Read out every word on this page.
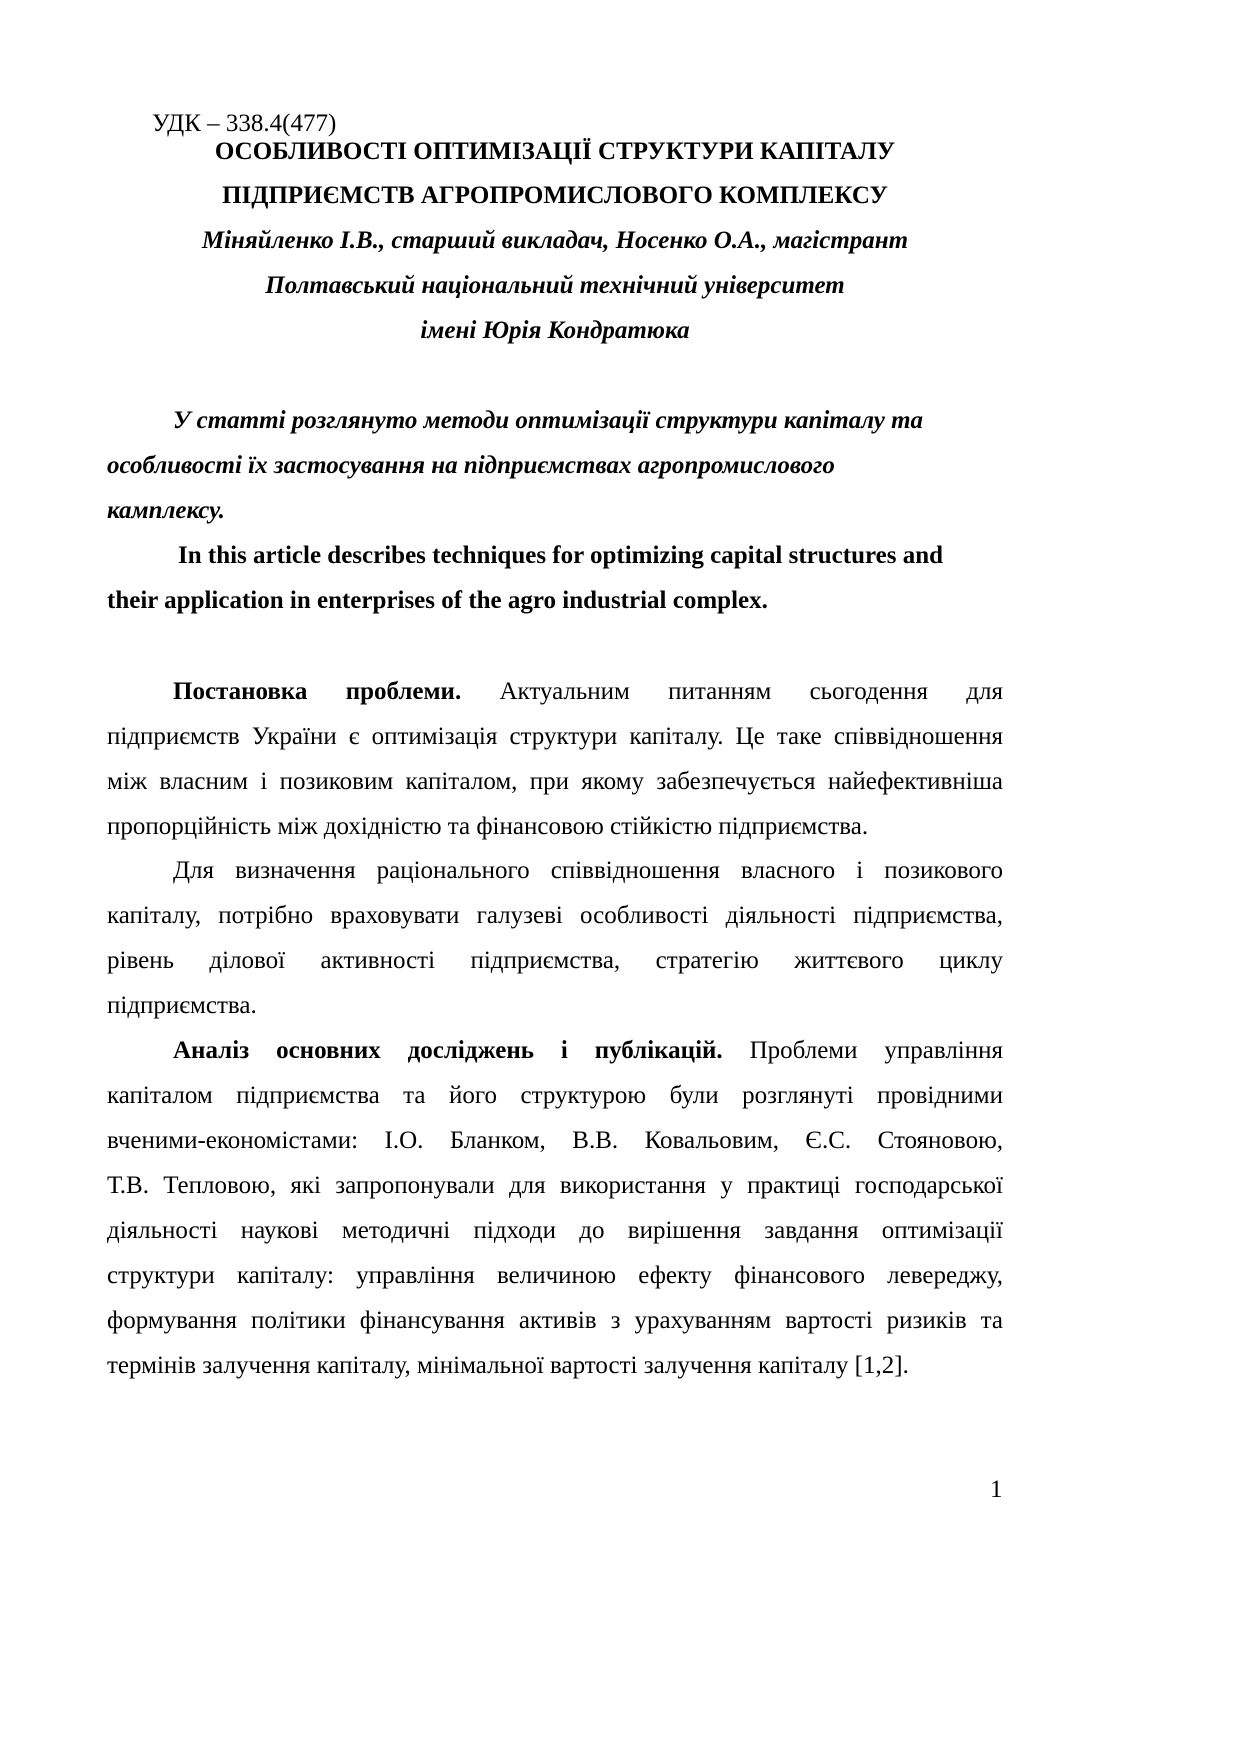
УДК – 338.4(477)
ОСОБЛИВОСТІ ОПТИМІЗАЦІЇ СТРУКТУРИ КАПІТАЛУ
ПІДПРИЄМСТВ АГРОПРОМИСЛОВОГО КОМПЛЕКСУ
Міняйленко І.В., старший викладач, Носенко О.А., магістрант
Полтавський національний технічний університет
імені Юрія Кондратюка
У статті розглянуто методи оптимізації структури капіталу та
особливості їх застосування на підприємствах агропромислового
камплексу.
In this article describes techniques for optimizing capital structures and
their application in enterprises of the agro industrial complex.
Постановка проблеми. Актуальним питанням сьогодення для
підприємств України є оптимізація структури капіталу. Це таке співвідношення
між власним і позиковим капіталом, при якому забезпечується найефективніша
пропорційність між дохідністю та фінансовою стійкістю підприємства.
Для визначення раціонального співвідношення власного і позикового
капіталу, потрібно враховувати галузеві особливості діяльності підприємства,
рівень ділової активності підприємства, стратегію життєвого циклу
підприємства.
Аналіз основних досліджень і публікацій. Проблеми управління
капіталом підприємства та його структурою були розглянуті провідними
вченими-економістами: І.О. Бланком, В.В. Ковальовим, Є.С. Стояновою,
Т.В. Тепловою, які запропонували для використання у практиці господарської
діяльності наукові методичні підходи до вирішення завдання оптимізації
структури капіталу: управління величиною ефекту фінансового левереджу,
формування політики фінансування активів з урахуванням вартості ризиків та
термінів залучення капіталу, мінімальної вартості залучення капіталу [1,2].
1
